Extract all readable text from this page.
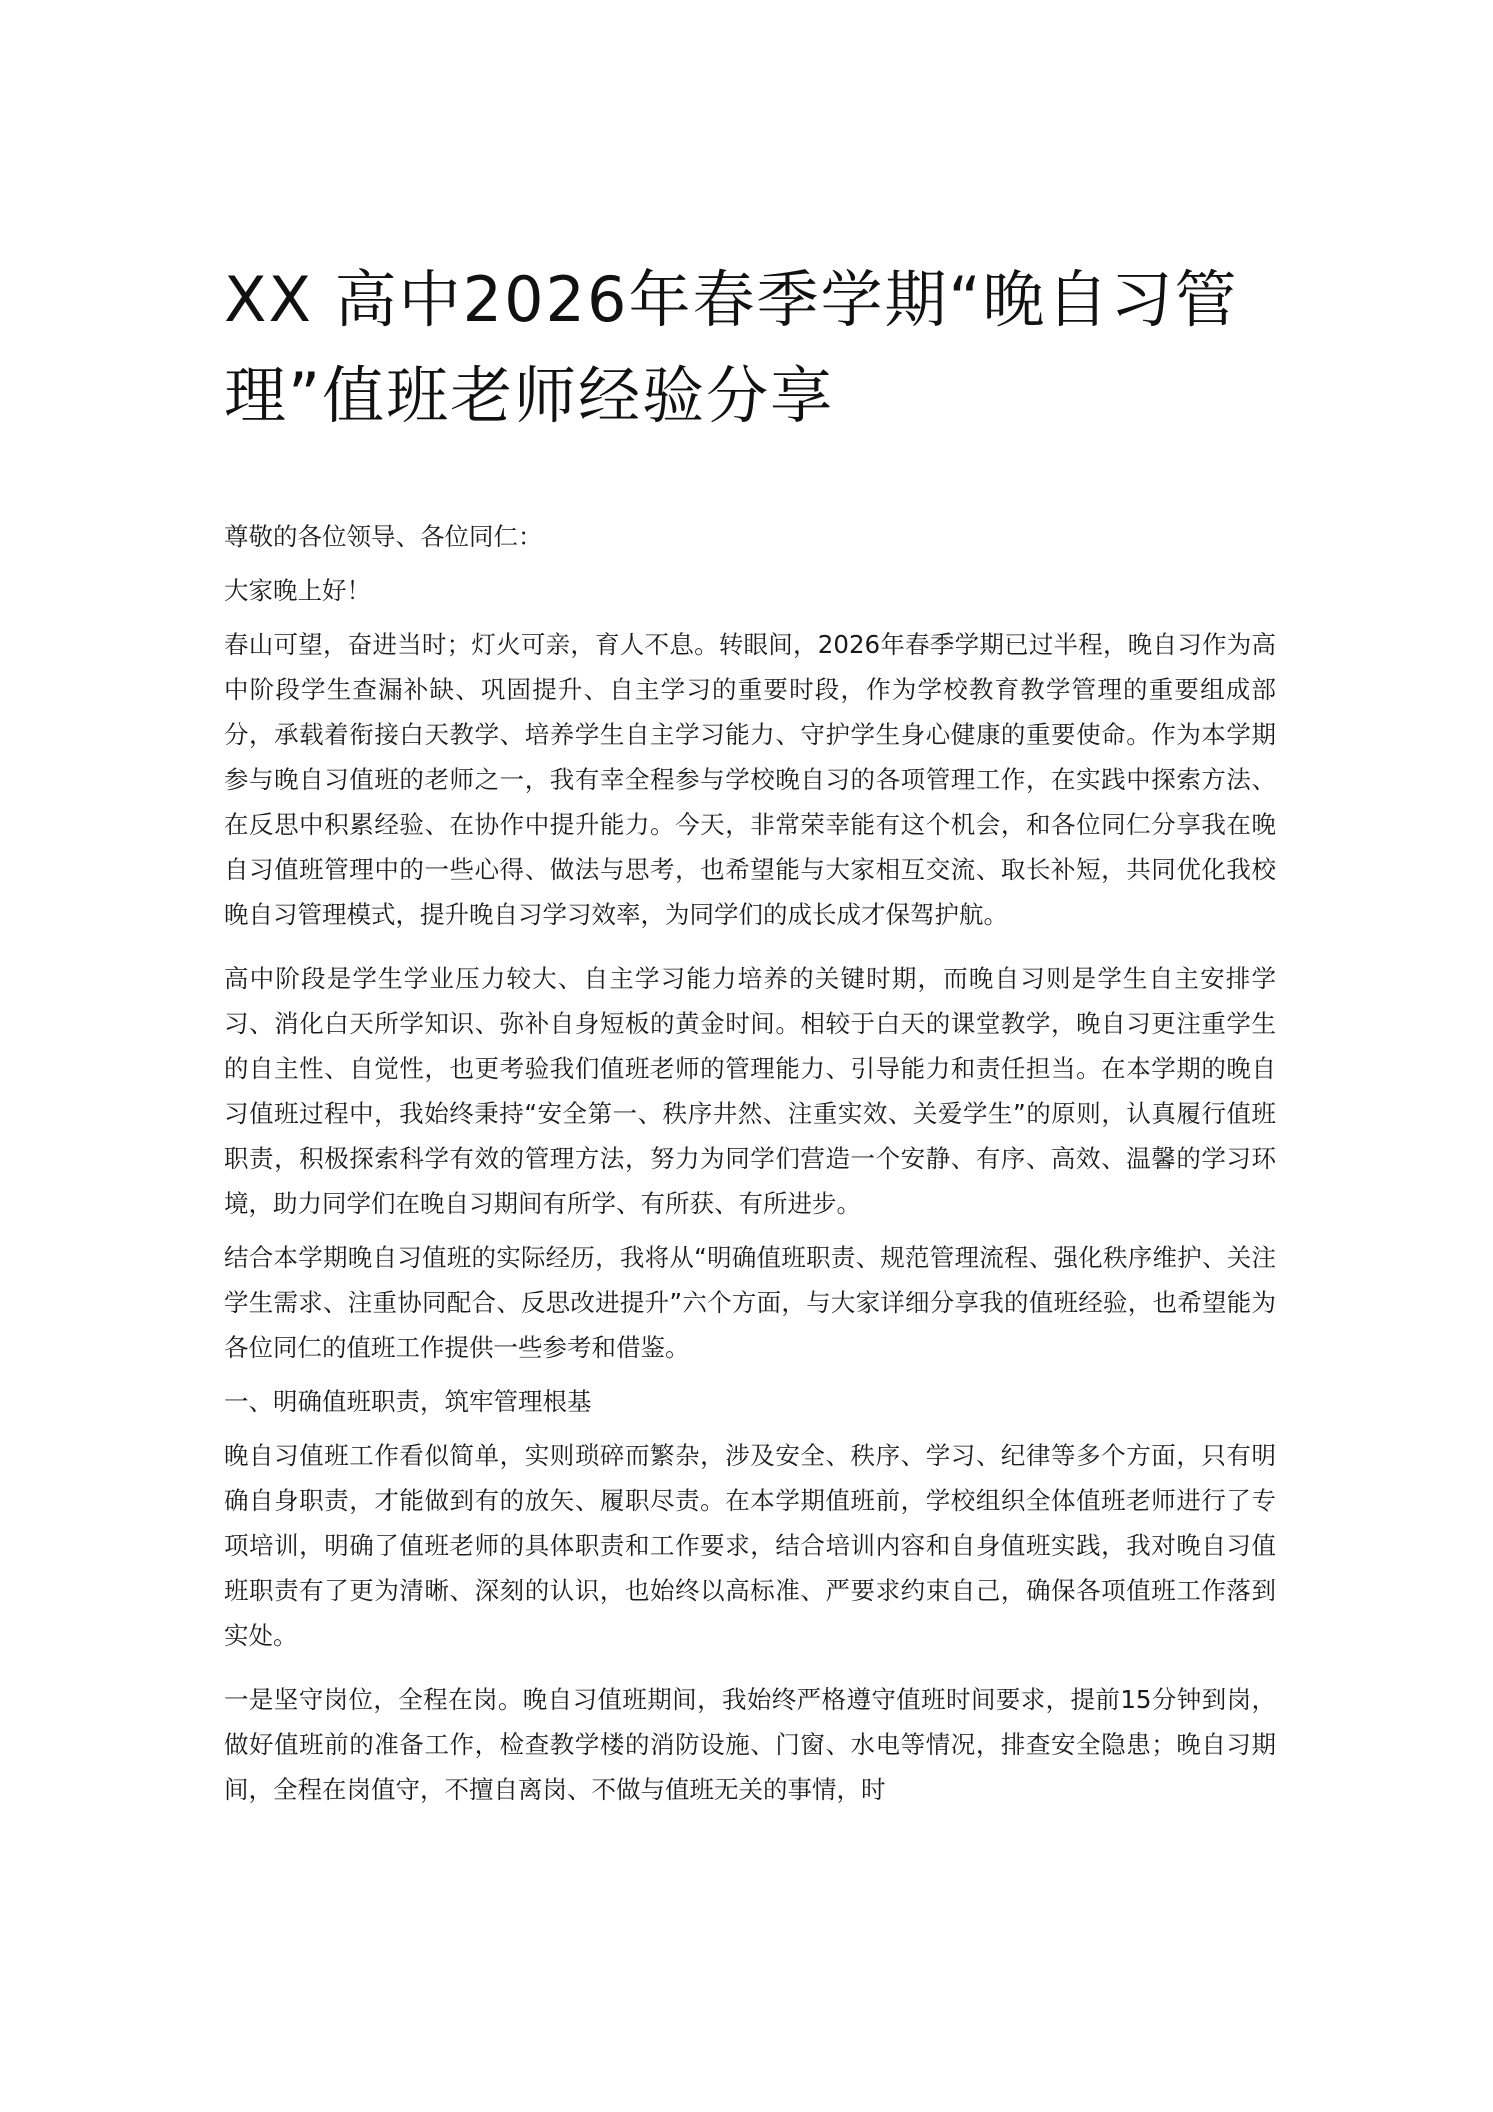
XX 高中2026年春季学期“晚自习管理”值班老师经验分享

尊敬的各位领导、各位同仁：

大家晚上好！

春山可望，奋进当时；灯火可亲，育人不息。转眼间，2026年春季学期已过半程，晚自习作为高中阶段学生查漏补缺、巩固提升、自主学习的重要时段，作为学校教育教学管理的重要组成部分，承载着衔接白天教学、培养学生自主学习能力、守护学生身心健康的重要使命。作为本学期参与晚自习值班的老师之一，我有幸全程参与学校晚自习的各项管理工作，在实践中探索方法、在反思中积累经验、在协作中提升能力。今天，非常荣幸能有这个机会，和各位同仁分享我在晚自习值班管理中的一些心得、做法与思考，也希望能与大家相互交流、取长补短，共同优化我校晚自习管理模式，提升晚自习学习效率，为同学们的成长成才保驾护航。

高中阶段是学生学业压力较大、自主学习能力培养的关键时期，而晚自习则是学生自主安排学习、消化白天所学知识、弥补自身短板的黄金时间。相较于白天的课堂教学，晚自习更注重学生的自主性、自觉性，也更考验我们值班老师的管理能力、引导能力和责任担当。在本学期的晚自习值班过程中，我始终秉持“安全第一、秩序井然、注重实效、关爱学生”的原则，认真履行值班职责，积极探索科学有效的管理方法，努力为同学们营造一个安静、有序、高效、温馨的学习环境，助力同学们在晚自习期间有所学、有所获、有所进步。

结合本学期晚自习值班的实际经历，我将从“明确值班职责、规范管理流程、强化秩序维护、关注学生需求、注重协同配合、反思改进提升”六个方面，与大家详细分享我的值班经验，也希望能为各位同仁的值班工作提供一些参考和借鉴。

一、明确值班职责，筑牢管理根基

晚自习值班工作看似简单，实则琐碎而繁杂，涉及安全、秩序、学习、纪律等多个方面，只有明确自身职责，才能做到有的放矢、履职尽责。在本学期值班前，学校组织全体值班老师进行了专项培训，明确了值班老师的具体职责和工作要求，结合培训内容和自身值班实践，我对晚自习值班职责有了更为清晰、深刻的认识，也始终以高标准、严要求约束自己，确保各项值班工作落到实处。

一是坚守岗位，全程在岗。晚自习值班期间，我始终严格遵守值班时间要求，提前15分钟到岗，做好值班前的准备工作，检查教学楼的消防设施、门窗、水电等情况，排查安全隐患；晚自习期间，全程在岗值守，不擅自离岗、不做与值班无关的事情，时
